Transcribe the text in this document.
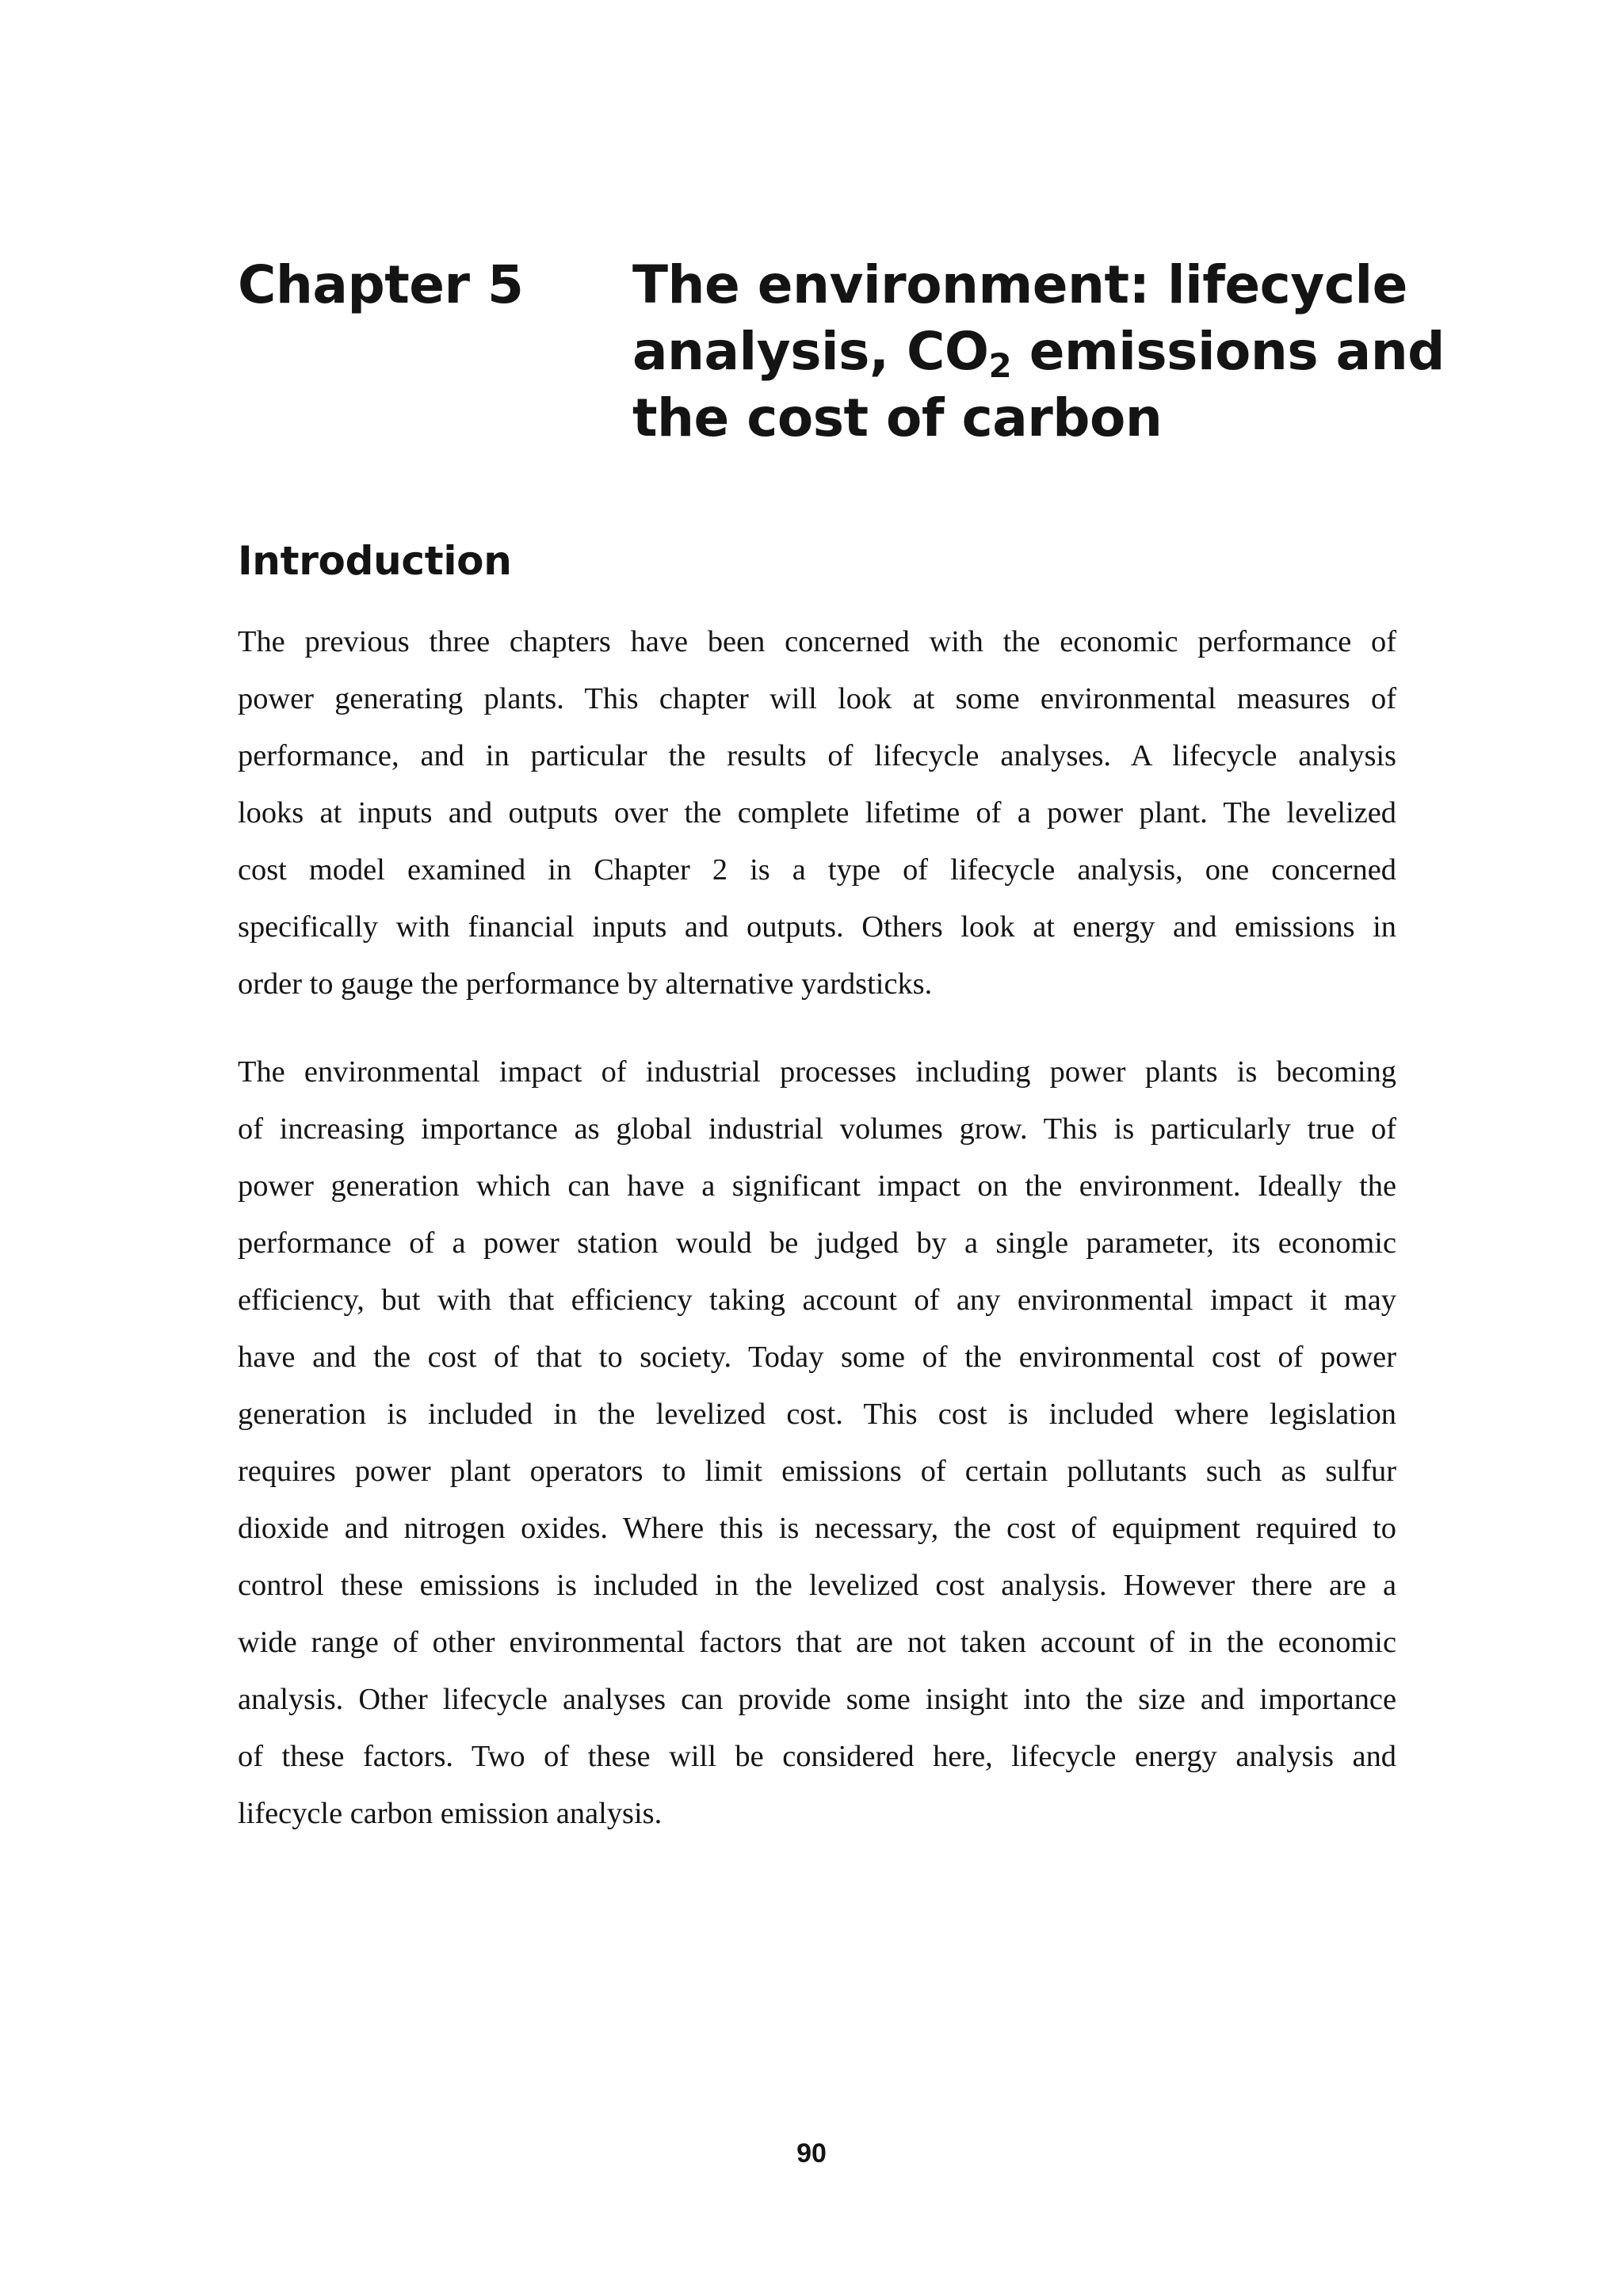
Chapter 5 The environment: lifecycle
analysis, $CO_2$ emissions and
the cost of carbon
Introduction
The previous three chapters have been concerned with the economic performance of
power generating plants. This chapter will look at some environmental measures of
performance, and in particular the results of lifecycle analyses. A lifecycle analysis
looks at inputs and outputs over the complete lifetime of a power plant. The levelized
cost model examined in Chapter 2 is a type of lifecycle analysis, one concerned
specifically with financial inputs and outputs. Others look at energy and emissions in
order to gauge the performance by alternative yardsticks.
The environmental impact of industrial processes including power plants is becoming
of increasing importance as global industrial volumes grow. This is particularly true of
power generation which can have a significant impact on the environment. Ideally the
performance of a power station would be judged by a single parameter, its economic
efficiency, but with that efficiency taking account of any environmental impact it may
have and the cost of that to society. Today some of the environmental cost of power
generation is included in the levelized cost. This cost is included where legislation
requires power plant operators to limit emissions of certain pollutants such as sulfur
dioxide and nitrogen oxides. Where this is necessary, the cost of equipment required to
control these emissions is included in the levelized cost analysis. However there are a
wide range of other environmental factors that are not taken account of in the economic
analysis. Other lifecycle analyses can provide some insight into the size and importance
of these factors. Two of these will be considered here, lifecycle energy analysis and
lifecycle carbon emission analysis.
90
